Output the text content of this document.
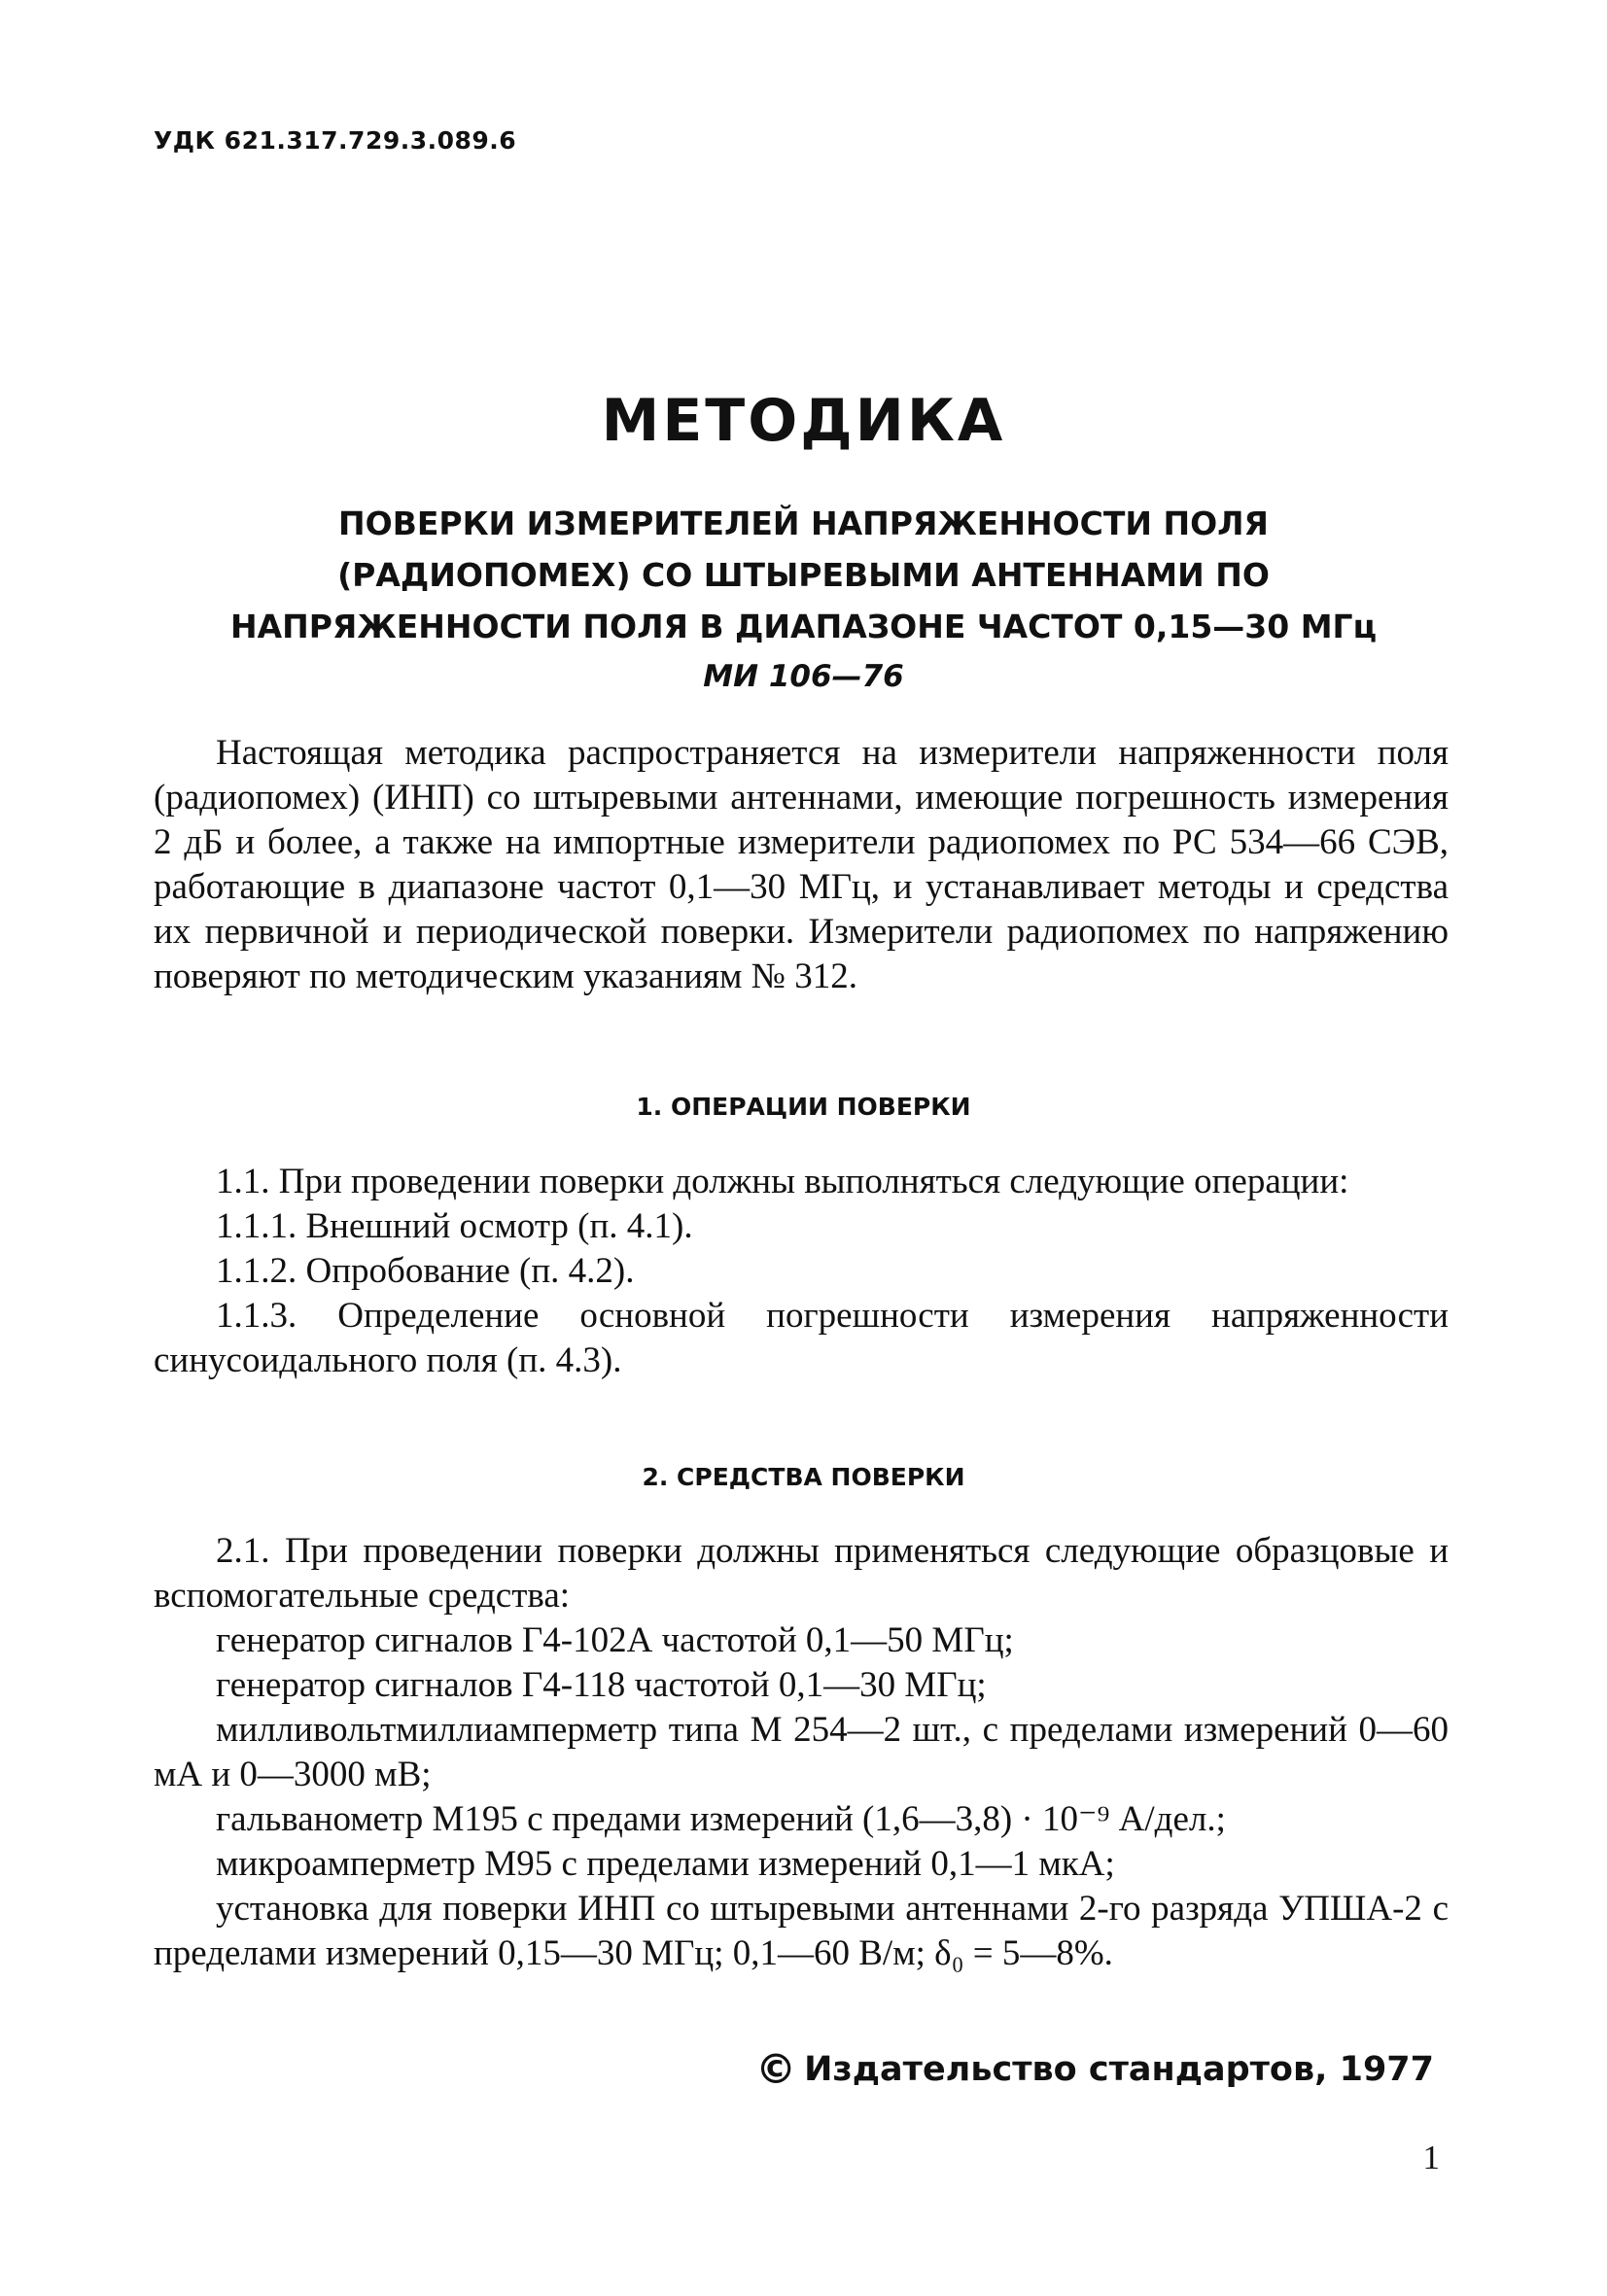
УДК 621.317.729.3.089.6
МЕТОДИКА
ПОВЕРКИ ИЗМЕРИТЕЛЕЙ НАПРЯЖЕННОСТИ ПОЛЯ
(РАДИОПОМЕХ) СО ШТЫРЕВЫМИ АНТЕННАМИ ПО
НАПРЯЖЕННОСТИ ПОЛЯ В ДИАПАЗОНЕ ЧАСТОТ 0,15—30 МГц
МИ 106—76

Настоящая методика распространяется на измерители напряженности поля (радиопомех) (ИНП) со штыревыми антеннами, имеющие погрешность измерения 2 дБ и более, а также на импортные измерители радиопомех по РС 534—66 СЭВ, работающие в диапазоне частот 0,1—30 МГц, и устанавливает методы и средства их первичной и периодической поверки. Измерители радиопомех по напряжению поверяют по методическим указаниям № 312.

1. ОПЕРАЦИИ ПОВЕРКИ

1.1. При проведении поверки должны выполняться следующие операции:

1.1.1. Внешний осмотр (п. 4.1).

1.1.2. Опробование (п. 4.2).

1.1.3. Определение основной погрешности измерения напряженности синусоидального поля (п. 4.3).

2. СРЕДСТВА ПОВЕРКИ

2.1. При проведении поверки должны применяться следующие образцовые и вспомогательные средства:

генератор сигналов Г4-102А частотой 0,1—50 МГц;

генератор сигналов Г4-118 частотой 0,1—30 МГц;

милливольтмиллиамперметр типа М 254—2 шт., с пределами измерений 0—60 мА и 0—3000 мВ;

гальванометр М195 с предами измерений (1,6—3,8) · 10⁻⁹ А/дел.;

микроамперметр М95 с пределами измерений 0,1—1 мкА;

установка для поверки ИНП со штыревыми антеннами 2-го разряда УПША-2 с пределами измерений 0,15—30 МГц; 0,1—60 В/м; δ₀ = 5—8%.

© Издательство стандартов, 1977
1
